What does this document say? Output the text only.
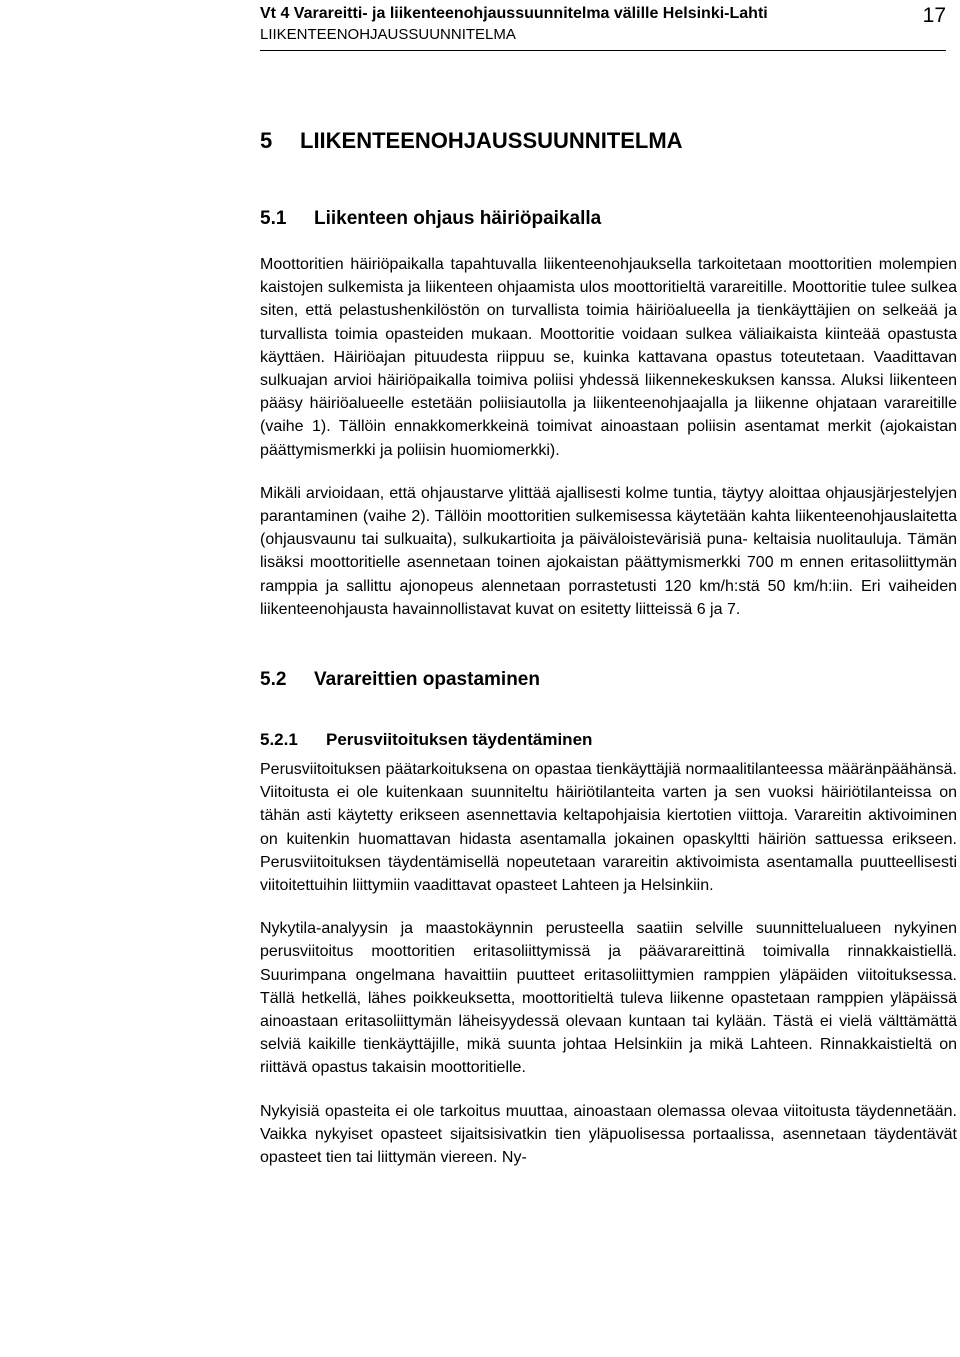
Vt 4 Varareitti- ja liikenteenohjaussuunnitelma välille Helsinki-Lahti
LIIKENTEENOHJAUSSUUNNITELMA
17
5	LIIKENTEENOHJAUSSUUNNITELMA
5.1	Liikenteen ohjaus häiriöpaikalla

Moottoritien häiriöpaikalla tapahtuvalla liikenteenohjauksella tarkoitetaan moottoritien molempien kaistojen sulkemista ja liikenteen ohjaamista ulos moottoritieltä varareitille. Moottoritie tulee sulkea siten, että pelastushenkilöstön on turvallista toimia häiriöalueella ja tienkäyttäjien on selkeää ja turvallista toimia opasteiden mukaan. Moottoritie voidaan sulkea väliaikaista kiinteää opastusta käyttäen. Häiriöajan pituudesta riippuu se, kuinka kattavana opastus toteutetaan. Vaadittavan sulkuajan arvioi häiriöpaikalla toimiva poliisi yhdessä liikennekeskuksen kanssa. Aluksi liikenteen pääsy häiriöalueelle estetään poliisiautolla ja liikenteenohjaajalla ja liikenne ohjataan varareitille (vaihe 1). Tällöin ennakkomerkkeinä toimivat ainoastaan poliisin asentamat merkit (ajokaistan päättymismerkki ja poliisin huomiomerkki).

Mikäli arvioidaan, että ohjaustarve ylittää ajallisesti kolme tuntia, täytyy aloittaa ohjausjärjestelyjen parantaminen (vaihe 2). Tällöin moottoritien sulkemisessa käytetään kahta liikenteenohjauslaitetta (ohjausvaunu tai sulkuaita), sulkukartioita ja päiväloistevärisiä puna- keltaisia nuolitauluja. Tämän lisäksi moottoritielle asennetaan toinen ajokaistan päättymismerkki 700 m ennen eritasoliittymän ramppia ja sallittu ajonopeus alennetaan porrastetusti 120 km/h:stä 50 km/h:iin. Eri vaiheiden liikenteenohjausta havainnollistavat kuvat on esitetty liitteissä 6 ja 7.

5.2	Varareittien opastaminen
5.2.1	Perusviitoituksen täydentäminen

Perusviitoituksen päätarkoituksena on opastaa tienkäyttäjiä normaalitilanteessa määränpäähänsä. Viitoitusta ei ole kuitenkaan suunniteltu häiriötilanteita varten ja sen vuoksi häiriötilanteissa on tähän asti käytetty erikseen asennettavia keltapohjaisia kiertotien viittoja. Varareitin aktivoiminen on kuitenkin huomattavan hidasta asentamalla jokainen opaskyltti häiriön sattuessa erikseen. Perusviitoituksen täydentämisellä nopeutetaan varareitin aktivoimista asentamalla puutteellisesti viitoitettuihin liittymiin vaadittavat opasteet Lahteen ja Helsinkiin.

Nykytila-analyysin ja maastokäynnin perusteella saatiin selville suunnittelualueen nykyinen perusviitoitus moottoritien eritasoliittymissä ja päävarareittinä toimivalla rinnakkaistiellä. Suurimpana ongelmana havaittiin puutteet eritasoliittymien ramppien yläpäiden viitoituksessa. Tällä hetkellä, lähes poikkeuksetta, moottoritieltä tuleva liikenne opastetaan ramppien yläpäissä ainoastaan eritasoliittymän läheisyydessä olevaan kuntaan tai kylään. Tästä ei vielä välttämättä selviä kaikille tienkäyttäjille, mikä suunta johtaa Helsinkiin ja mikä Lahteen. Rinnakkaistieltä on riittävä opastus takaisin moottoritielle.

Nykyisiä opasteita ei ole tarkoitus muuttaa, ainoastaan olemassa olevaa viitoitusta täydennetään. Vaikka nykyiset opasteet sijaitsisivatkin tien yläpuolisessa portaalissa, asennetaan täydentävät opasteet tien tai liittymän viereen. Ny-
